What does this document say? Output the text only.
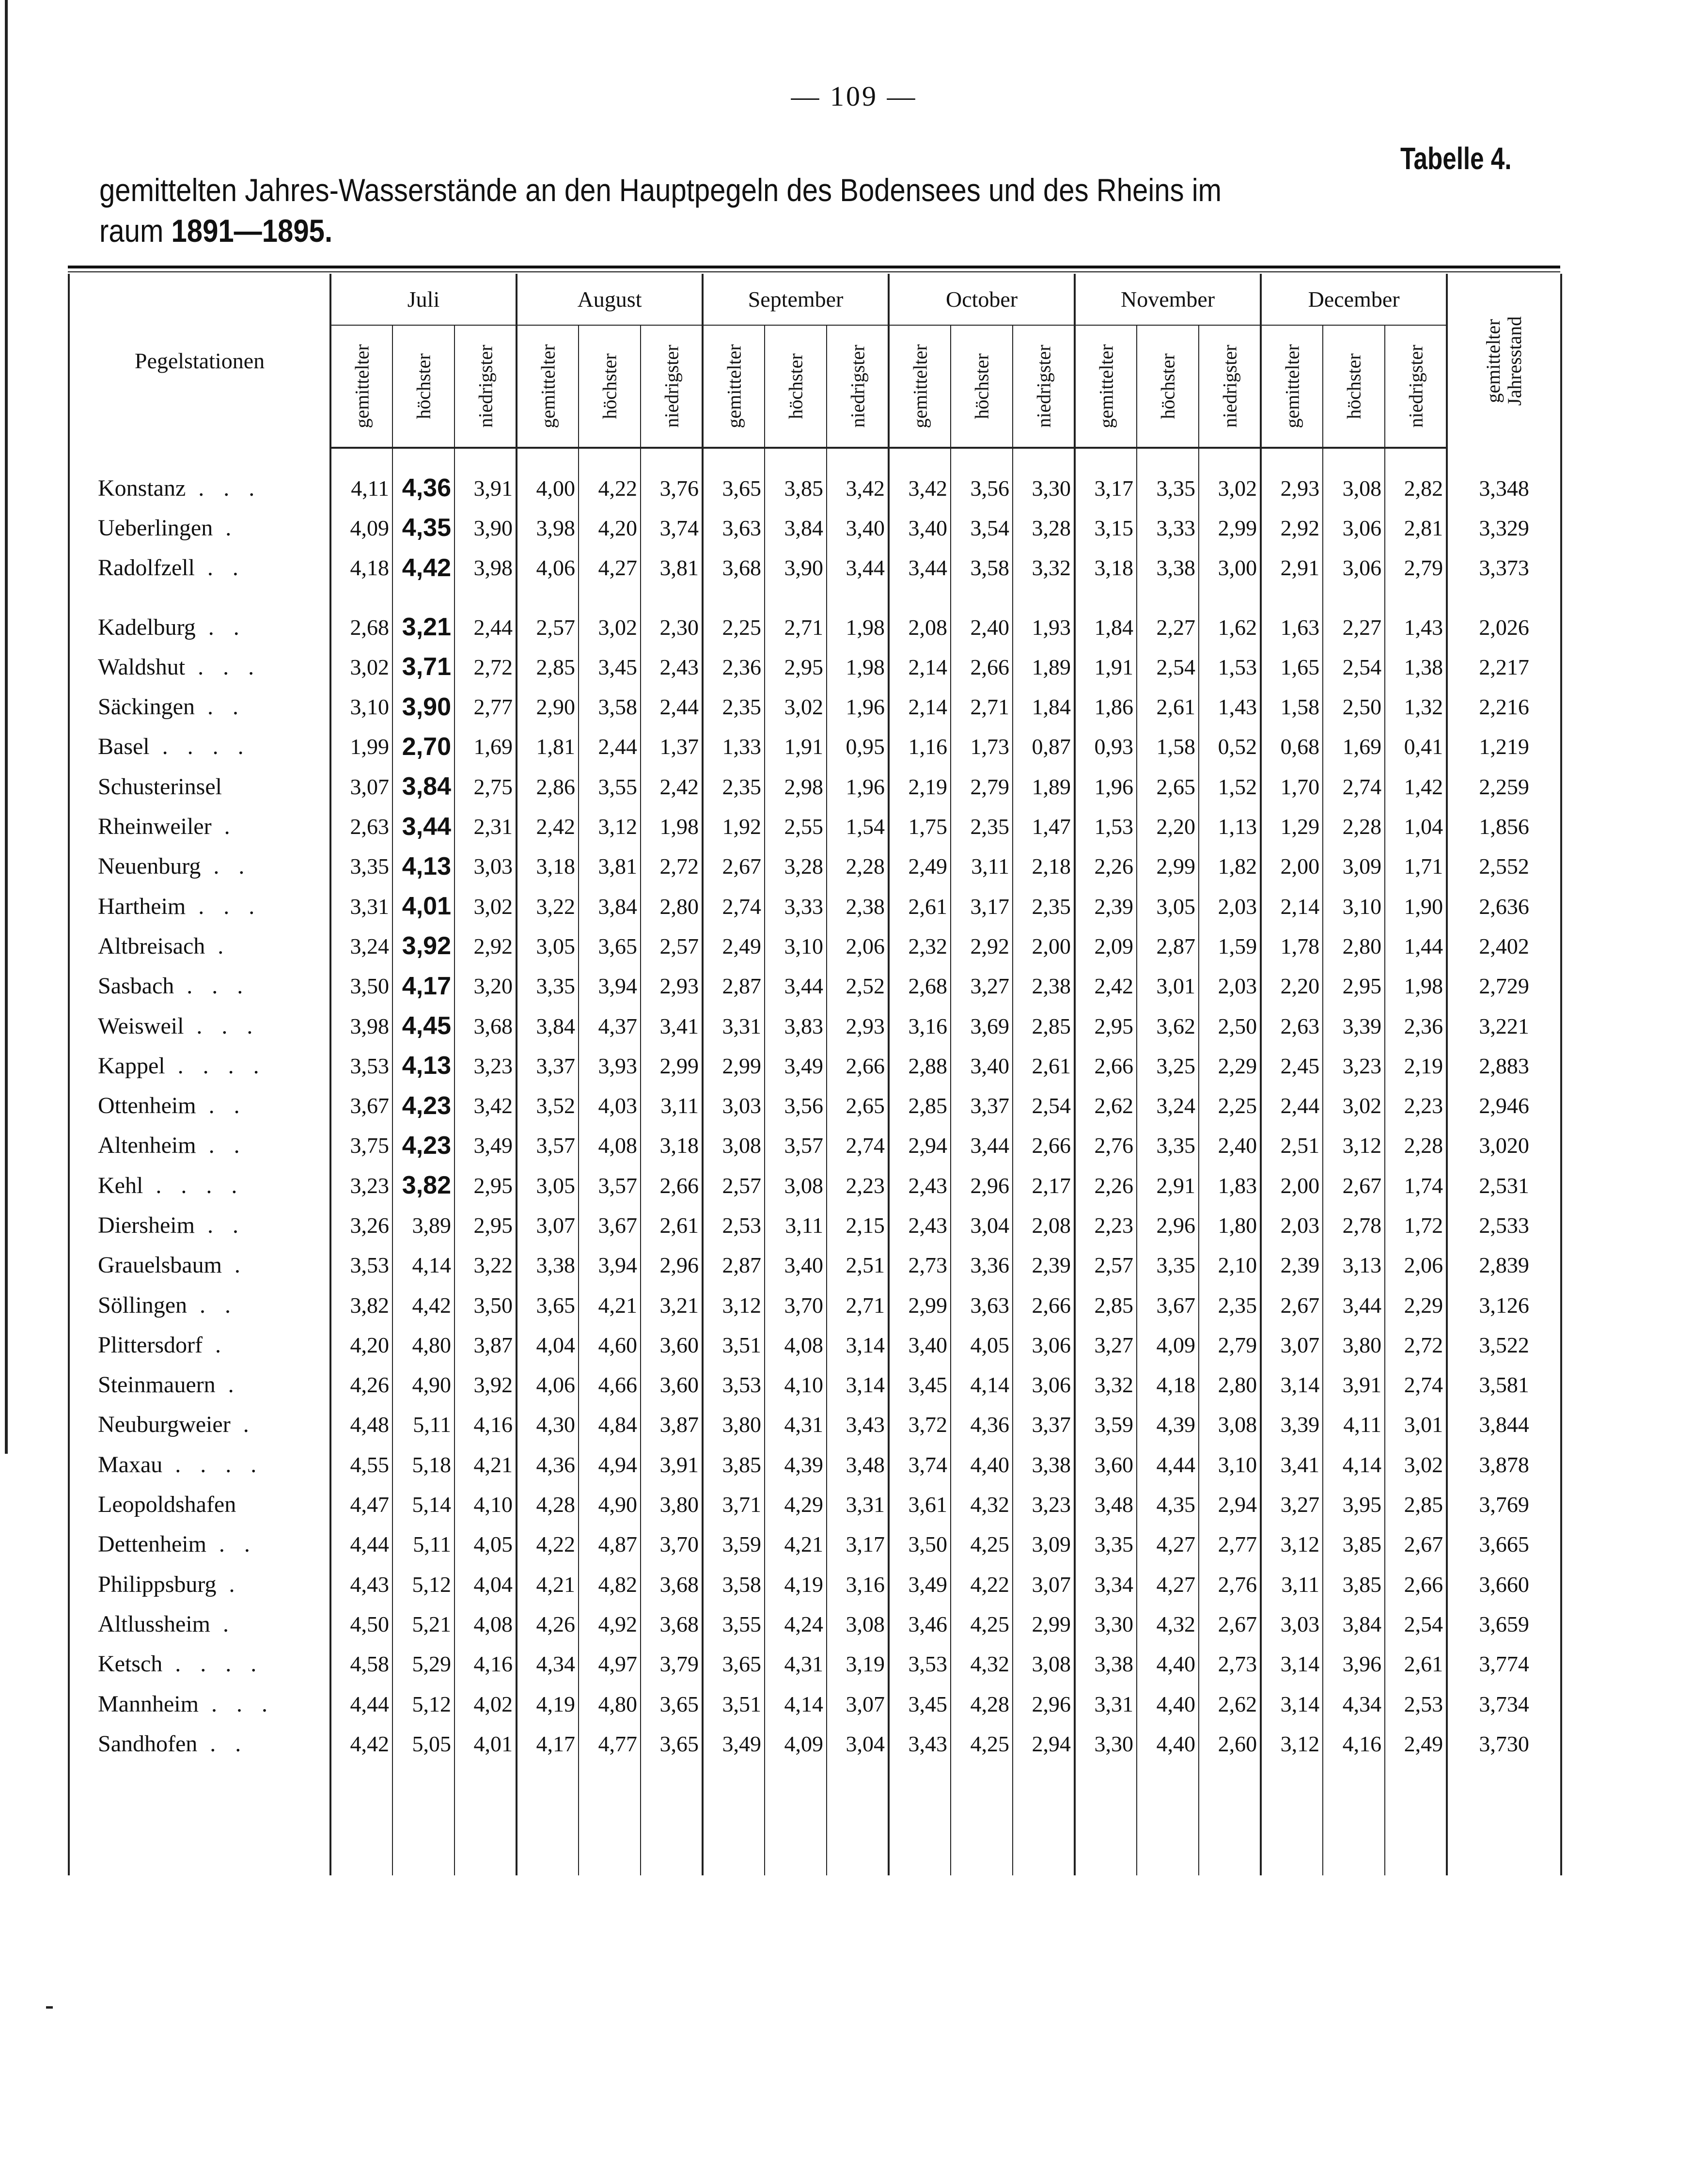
— 109 —
Tabelle 4.
gemittelten Jahres-Wasserstände an den Hauptpegeln des Bodensees und des Rheins im
raum 1891—1895.
Pegelstationen	Juli			August			September			October			November			December			gemittelter
Jahresstand

	gemittelter	höchster	niedrigster	gemittelter	höchster	niedrigster	gemittelter	höchster	niedrigster	gemittelter	höchster	niedrigster	gemittelter	höchster	niedrigster	gemittelter	höchster	niedrigster	

Konstanz . . .	4,11	4,36	3,91	4,00	4,22	3,76	3,65	3,85	3,42	3,42	3,56	3,30	3,17	3,35	3,02	2,93	3,08	2,82	3,348
Ueberlingen .	4,09	4,35	3,90	3,98	4,20	3,74	3,63	3,84	3,40	3,40	3,54	3,28	3,15	3,33	2,99	2,92	3,06	2,81	3,329
Radolfzell . .	4,18	4,42	3,98	4,06	4,27	3,81	3,68	3,90	3,44	3,44	3,58	3,32	3,18	3,38	3,00	2,91	3,06	2,79	3,373

Kadelburg . .	2,68	3,21	2,44	2,57	3,02	2,30	2,25	2,71	1,98	2,08	2,40	1,93	1,84	2,27	1,62	1,63	2,27	1,43	2,026
Waldshut . . .	3,02	3,71	2,72	2,85	3,45	2,43	2,36	2,95	1,98	2,14	2,66	1,89	1,91	2,54	1,53	1,65	2,54	1,38	2,217
Säckingen . .	3,10	3,90	2,77	2,90	3,58	2,44	2,35	3,02	1,96	2,14	2,71	1,84	1,86	2,61	1,43	1,58	2,50	1,32	2,216
Basel . . . .	1,99	2,70	1,69	1,81	2,44	1,37	1,33	1,91	0,95	1,16	1,73	0,87	0,93	1,58	0,52	0,68	1,69	0,41	1,219
Schusterinsel	3,07	3,84	2,75	2,86	3,55	2,42	2,35	2,98	1,96	2,19	2,79	1,89	1,96	2,65	1,52	1,70	2,74	1,42	2,259
Rheinweiler .	2,63	3,44	2,31	2,42	3,12	1,98	1,92	2,55	1,54	1,75	2,35	1,47	1,53	2,20	1,13	1,29	2,28	1,04	1,856
Neuenburg . .	3,35	4,13	3,03	3,18	3,81	2,72	2,67	3,28	2,28	2,49	3,11	2,18	2,26	2,99	1,82	2,00	3,09	1,71	2,552
Hartheim . . .	3,31	4,01	3,02	3,22	3,84	2,80	2,74	3,33	2,38	2,61	3,17	2,35	2,39	3,05	2,03	2,14	3,10	1,90	2,636
Altbreisach .	3,24	3,92	2,92	3,05	3,65	2,57	2,49	3,10	2,06	2,32	2,92	2,00	2,09	2,87	1,59	1,78	2,80	1,44	2,402
Sasbach . . .	3,50	4,17	3,20	3,35	3,94	2,93	2,87	3,44	2,52	2,68	3,27	2,38	2,42	3,01	2,03	2,20	2,95	1,98	2,729
Weisweil . . .	3,98	4,45	3,68	3,84	4,37	3,41	3,31	3,83	2,93	3,16	3,69	2,85	2,95	3,62	2,50	2,63	3,39	2,36	3,221
Kappel . . . .	3,53	4,13	3,23	3,37	3,93	2,99	2,99	3,49	2,66	2,88	3,40	2,61	2,66	3,25	2,29	2,45	3,23	2,19	2,883
Ottenheim . .	3,67	4,23	3,42	3,52	4,03	3,11	3,03	3,56	2,65	2,85	3,37	2,54	2,62	3,24	2,25	2,44	3,02	2,23	2,946
Altenheim . .	3,75	4,23	3,49	3,57	4,08	3,18	3,08	3,57	2,74	2,94	3,44	2,66	2,76	3,35	2,40	2,51	3,12	2,28	3,020
Kehl . . . .	3,23	3,82	2,95	3,05	3,57	2,66	2,57	3,08	2,23	2,43	2,96	2,17	2,26	2,91	1,83	2,00	2,67	1,74	2,531
Diersheim . .	3,26	3,89	2,95	3,07	3,67	2,61	2,53	3,11	2,15	2,43	3,04	2,08	2,23	2,96	1,80	2,03	2,78	1,72	2,533
Grauelsbaum .	3,53	4,14	3,22	3,38	3,94	2,96	2,87	3,40	2,51	2,73	3,36	2,39	2,57	3,35	2,10	2,39	3,13	2,06	2,839
Söllingen . .	3,82	4,42	3,50	3,65	4,21	3,21	3,12	3,70	2,71	2,99	3,63	2,66	2,85	3,67	2,35	2,67	3,44	2,29	3,126
Plittersdorf .	4,20	4,80	3,87	4,04	4,60	3,60	3,51	4,08	3,14	3,40	4,05	3,06	3,27	4,09	2,79	3,07	3,80	2,72	3,522
Steinmauern .	4,26	4,90	3,92	4,06	4,66	3,60	3,53	4,10	3,14	3,45	4,14	3,06	3,32	4,18	2,80	3,14	3,91	2,74	3,581
Neuburgweier .	4,48	5,11	4,16	4,30	4,84	3,87	3,80	4,31	3,43	3,72	4,36	3,37	3,59	4,39	3,08	3,39	4,11	3,01	3,844
Maxau . . . .	4,55	5,18	4,21	4,36	4,94	3,91	3,85	4,39	3,48	3,74	4,40	3,38	3,60	4,44	3,10	3,41	4,14	3,02	3,878
Leopoldshafen	4,47	5,14	4,10	4,28	4,90	3,80	3,71	4,29	3,31	3,61	4,32	3,23	3,48	4,35	2,94	3,27	3,95	2,85	3,769
Dettenheim . .	4,44	5,11	4,05	4,22	4,87	3,70	3,59	4,21	3,17	3,50	4,25	3,09	3,35	4,27	2,77	3,12	3,85	2,67	3,665
Philippsburg .	4,43	5,12	4,04	4,21	4,82	3,68	3,58	4,19	3,16	3,49	4,22	3,07	3,34	4,27	2,76	3,11	3,85	2,66	3,660
Altlussheim .	4,50	5,21	4,08	4,26	4,92	3,68	3,55	4,24	3,08	3,46	4,25	2,99	3,30	4,32	2,67	3,03	3,84	2,54	3,659
Ketsch . . . .	4,58	5,29	4,16	4,34	4,97	3,79	3,65	4,31	3,19	3,53	4,32	3,08	3,38	4,40	2,73	3,14	3,96	2,61	3,774
Mannheim . . .	4,44	5,12	4,02	4,19	4,80	3,65	3,51	4,14	3,07	3,45	4,28	2,96	3,31	4,40	2,62	3,14	4,34	2,53	3,734
Sandhofen . .	4,42	5,05	4,01	4,17	4,77	3,65	3,49	4,09	3,04	3,43	4,25	2,94	3,30	4,40	2,60	3,12	4,16	2,49	3,730
